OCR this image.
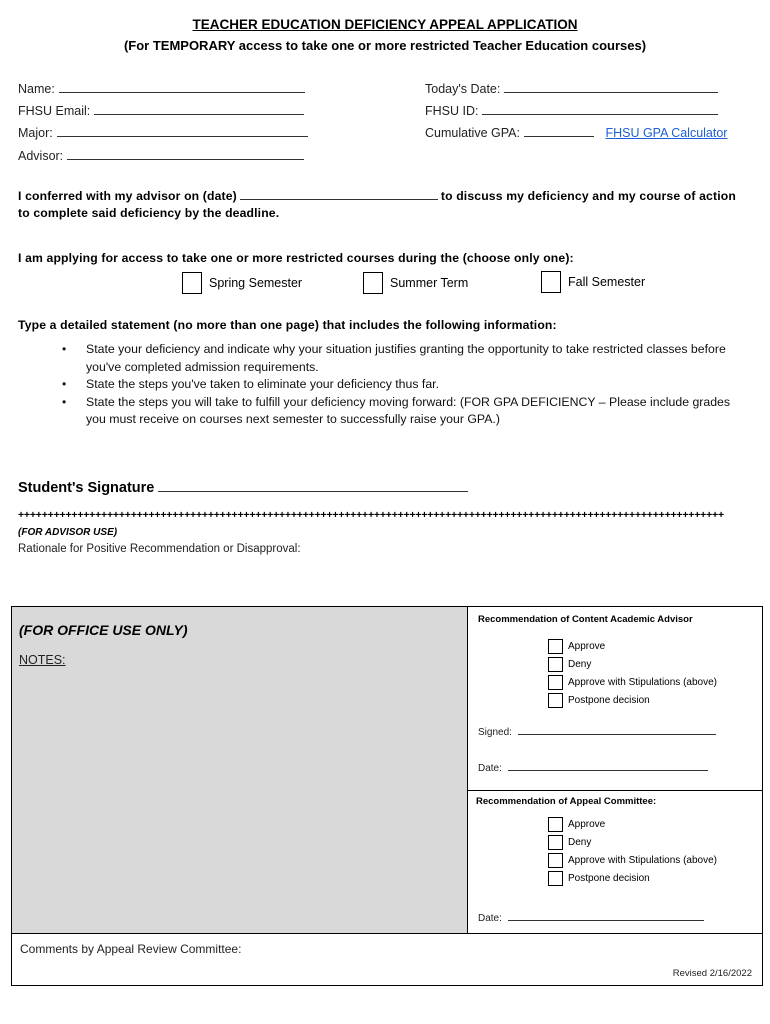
TEACHER EDUCATION DEFICIENCY APPEAL APPLICATION
(For TEMPORARY access to take one or more restricted Teacher Education courses)
Name:
FHSU Email:
Major:
Advisor:
Today's Date:
FHSU ID:
Cumulative GPA:	FHSU GPA Calculator
I conferred with my advisor on (date)	to discuss my deficiency and my course of action
to complete said deficiency by the deadline.
I am applying for access to take one or more restricted courses during the (choose only one):
Spring Semester	Summer Term	Fall Semester
Type a detailed statement (no more than one page) that includes the following information:
• State your deficiency and indicate why your situation justifies granting the opportunity to take restricted classes before you've completed admission requirements.
• State the steps you've taken to eliminate your deficiency thus far.
• State the steps you will take to fulfill your deficiency moving forward: (FOR GPA DEFICIENCY – Please include grades you must receive on courses next semester to successfully raise your GPA.)
Student's Signature
+++++++++++++++++++++++++++++++++++++++++++++++++++++++++++++++++++++++++++++++++++++++++++++++++++++++++++++++++++++++
(FOR ADVISOR USE)
Rationale for Positive Recommendation or Disapproval:
(FOR OFFICE USE ONLY)
NOTES:
Recommendation of Content Academic Advisor
Approve
Deny
Approve with Stipulations (above)
Postpone decision
Signed:
Date:
Recommendation of Appeal Committee:
Approve
Deny
Approve with Stipulations (above)
Postpone decision
Date:
Comments by Appeal Review Committee:
Revised 2/16/2022
